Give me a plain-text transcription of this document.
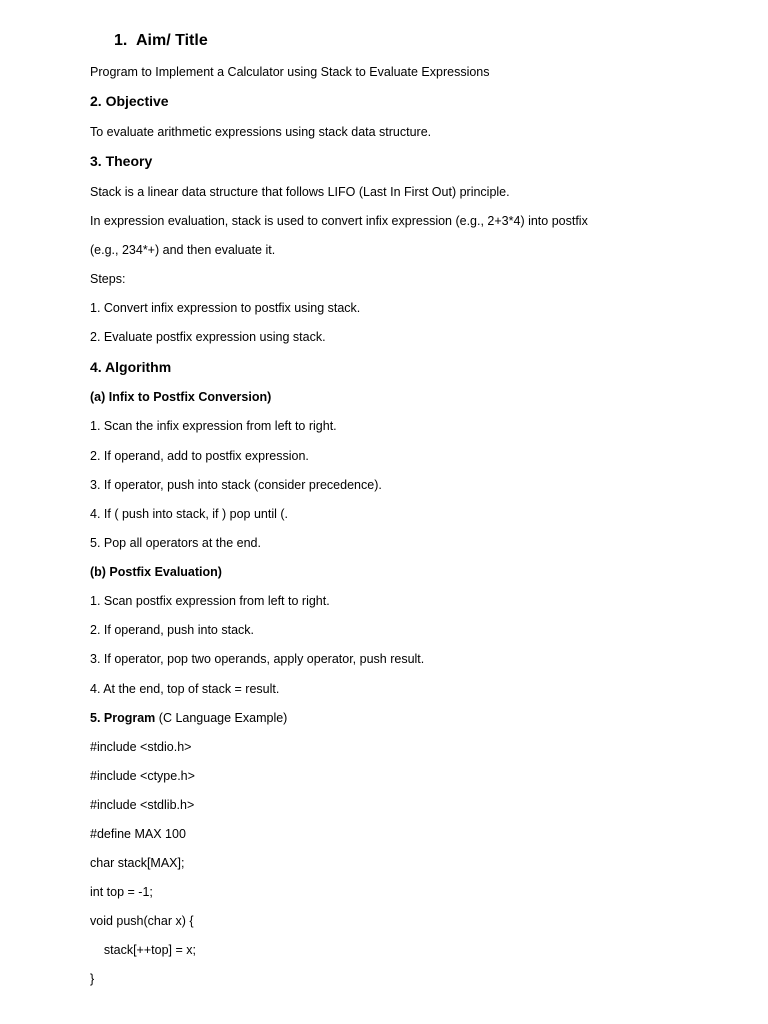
1. Aim/ Title
Program to Implement a Calculator using Stack to Evaluate Expressions
2. Objective
To evaluate arithmetic expressions using stack data structure.
3. Theory
Stack is a linear data structure that follows LIFO (Last In First Out) principle.
In expression evaluation, stack is used to convert infix expression (e.g., 2+3*4) into postfix
(e.g., 234*+) and then evaluate it.
Steps:
1. Convert infix expression to postfix using stack.
2. Evaluate postfix expression using stack.
4. Algorithm
(a) Infix to Postfix Conversion)
1. Scan the infix expression from left to right.
2. If operand, add to postfix expression.
3. If operator, push into stack (consider precedence).
4. If ( push into stack, if ) pop until (.
5. Pop all operators at the end.
(b) Postfix Evaluation)
1. Scan postfix expression from left to right.
2. If operand, push into stack.
3. If operator, pop two operands, apply operator, push result.
4. At the end, top of stack = result.
5. Program (C Language Example)
#include <stdio.h>
#include <ctype.h>
#include <stdlib.h>
#define MAX 100
char stack[MAX];
int top = -1;
void push(char x) {
stack[++top] = x;
}
